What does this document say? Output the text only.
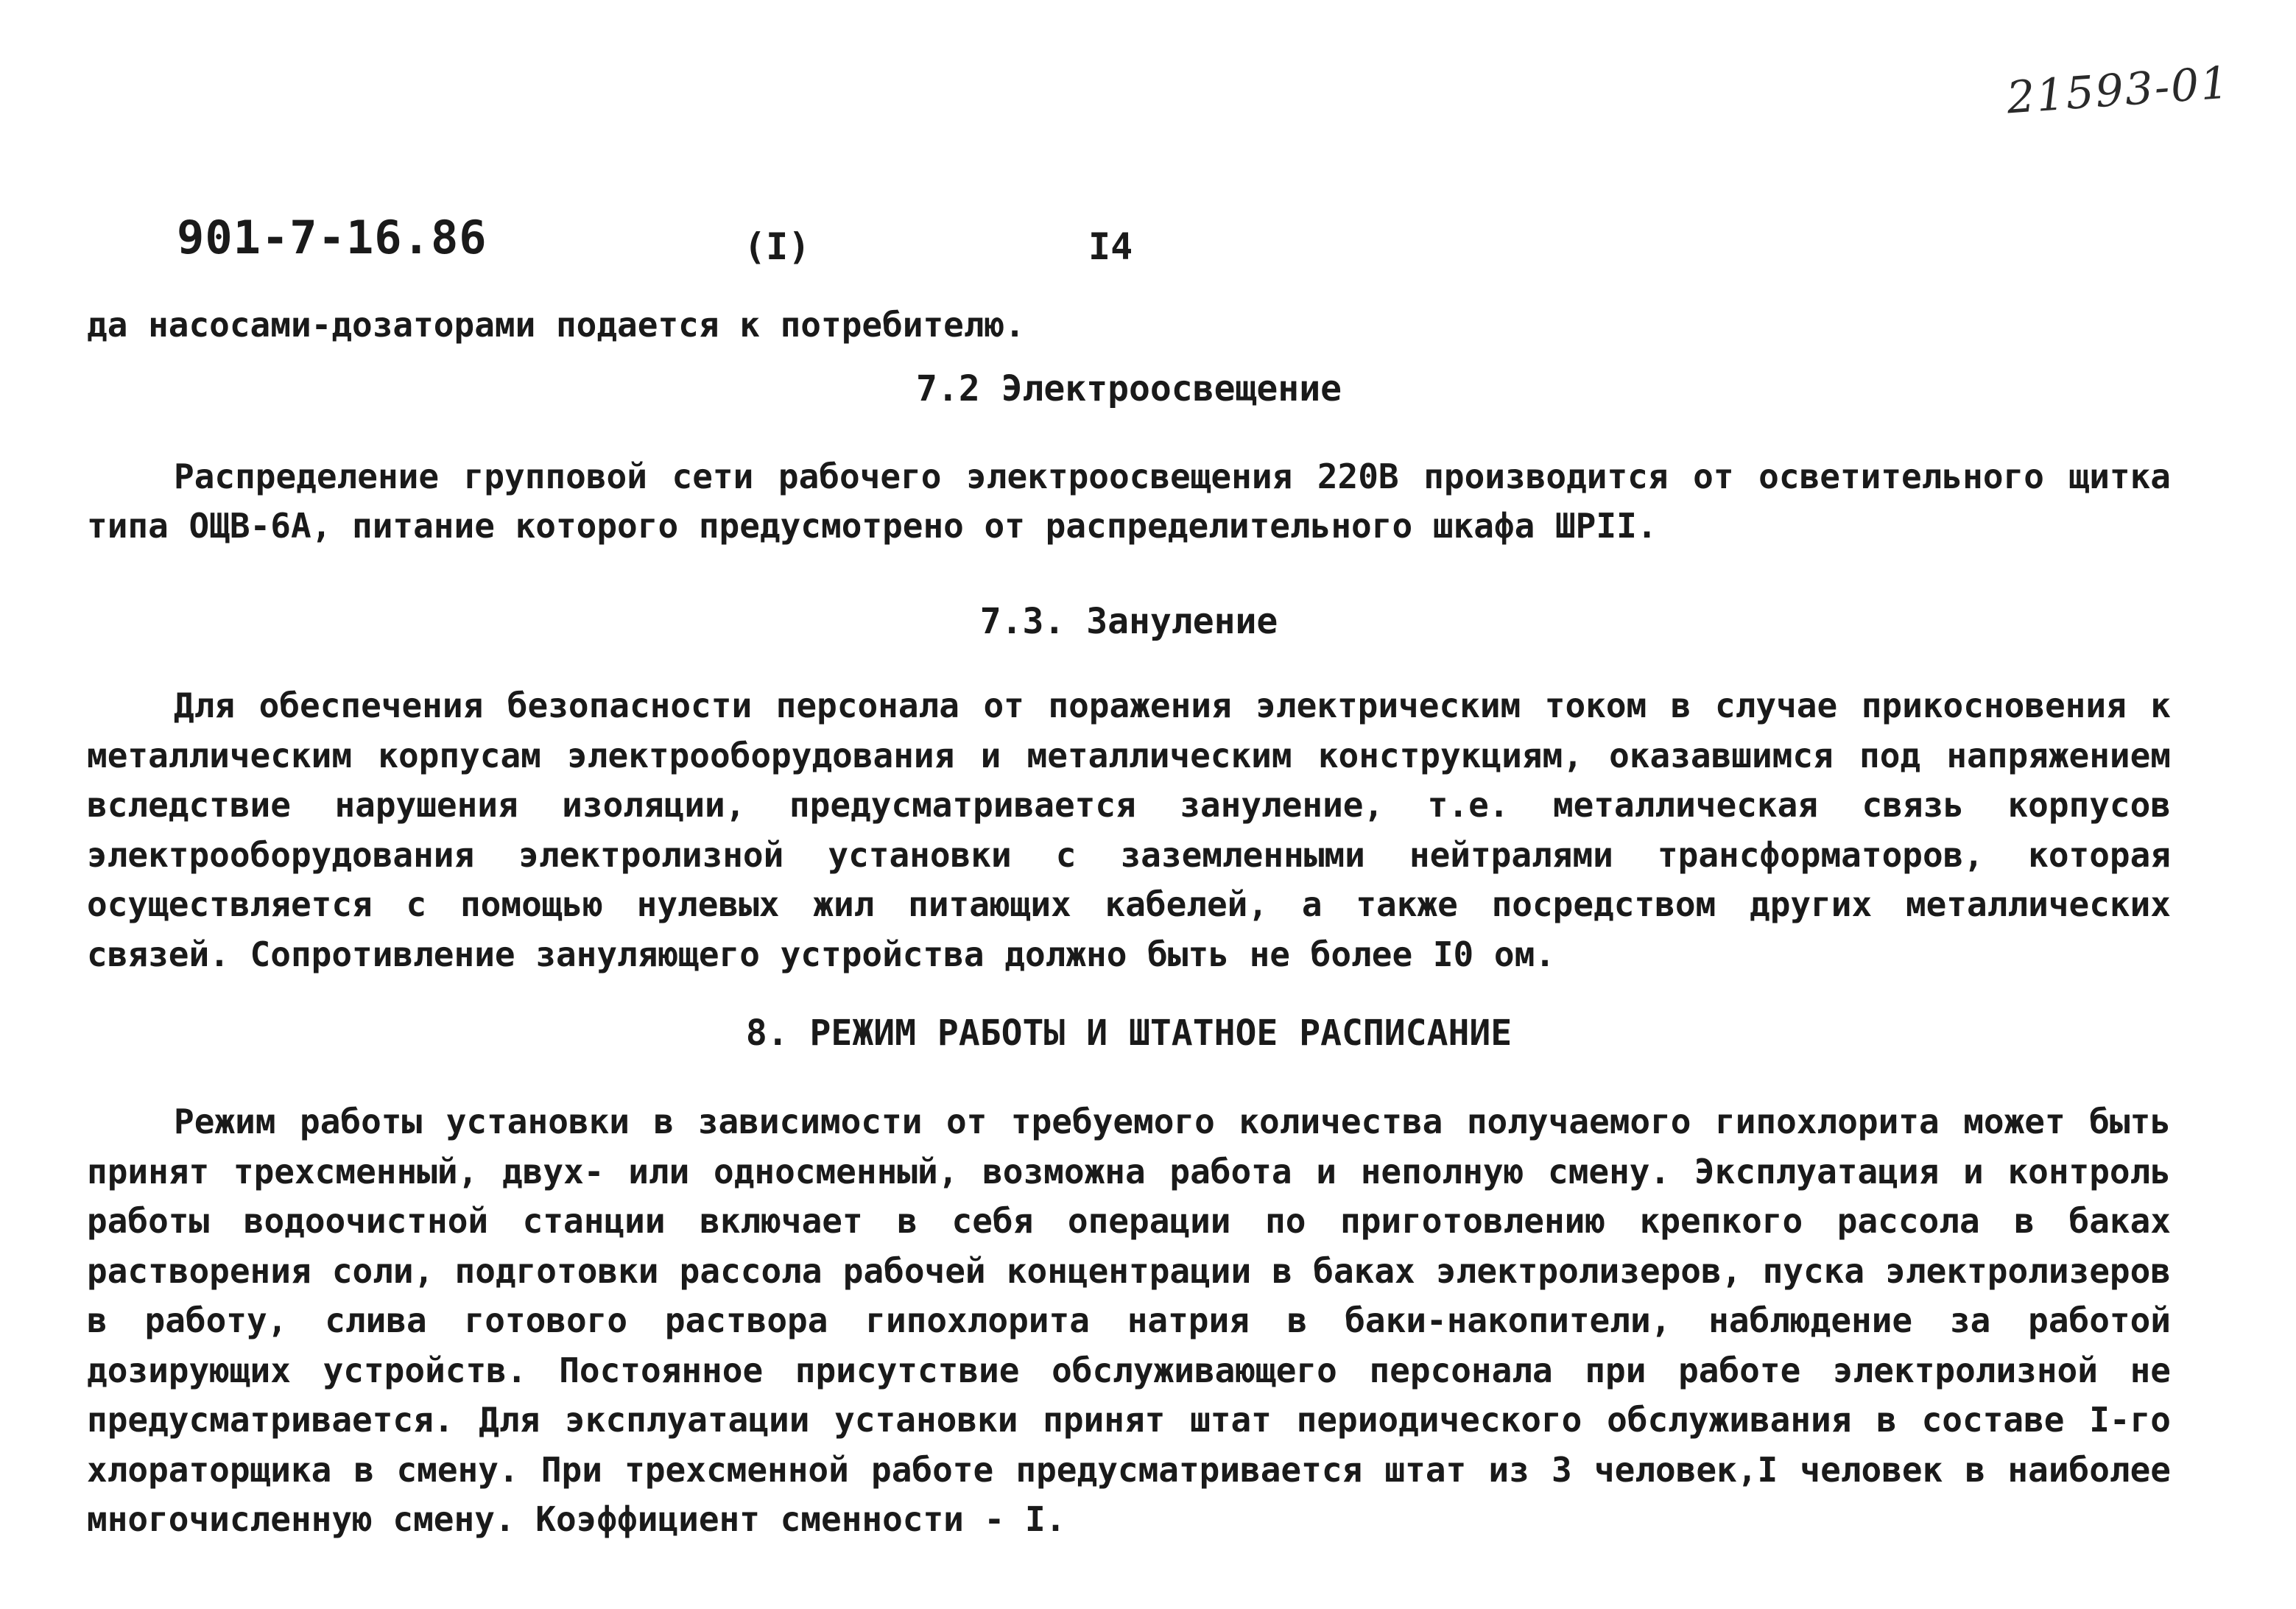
21593-01
901-7-16.86	(I)	I4
да насосами-дозаторами подается к потребителю.
7.2 Электроосвещение
Распределение групповой сети рабочего электроосвещения 220В производится от осветительного щитка типа ОЩВ-6А, питание которого предусмотрено от распределительного шкафа ШРII.
7.3. Зануление
Для обеспечения безопасности персонала от поражения электрическим током в случае прикосновения к металлическим корпусам электрооборудования и металлическим конструкциям, оказавшимся под напряжением вследствие нарушения изоляции, предусматривается зануление, т.е. металлическая связь корпусов электрооборудования электролизной установки с заземленными нейтралями трансформаторов, которая осуществляется с помощью нулевых жил питающих кабелей, а также посредством других металлических связей. Сопротивление зануляющего устройства должно быть не более I0 ом.
8. РЕЖИМ РАБОТЫ И ШТАТНОЕ РАСПИСАНИЕ
Режим работы установки в зависимости от требуемого количества получаемого гипохлорита может быть принят трехсменный, двух- или односменный, возможна работа и неполную смену. Эксплуатация и контроль работы водоочистной станции включает в себя операции по приготовлению крепкого рассола в баках растворения соли, подготовки рассола рабочей концентрации в баках электролизеров, пуска электролизеров в работу, слива готового раствора гипохлорита натрия в баки-накопители, наблюдение за работой дозирующих устройств. Постоянное присутствие обслуживающего персонала при работе электролизной не предусматривается. Для эксплуатации установки принят штат периодического обслуживания в составе I-го хлораторщика в смену. При трехсменной работе предусматривается штат из 3 человек,I человек в наиболее многочисленную смену. Коэффициент сменности - I.
